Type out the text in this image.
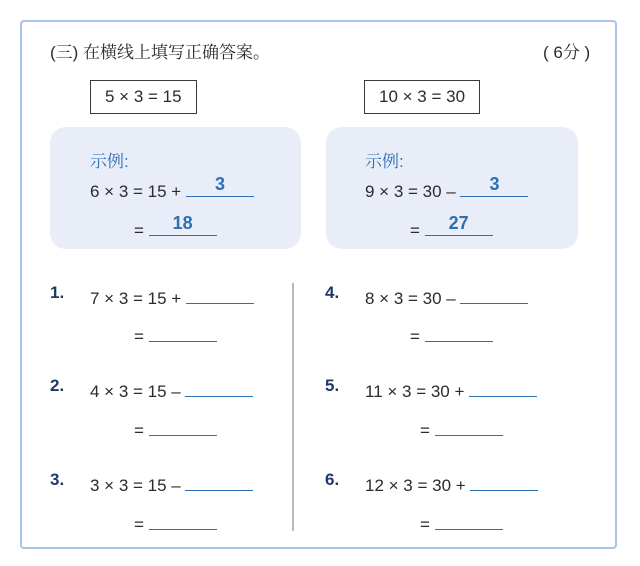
(三) 在横线上填写正确答案。	( 6分 )
5 × 3 = 15	10 × 3 = 30
示例:
6 × 3 = 15 +	3
=	18
示例:
9 × 3 = 30 –	3
=	27
1. 7 × 3 = 15 +
=
2. 4 × 3 = 15 –
=
3. 3 × 3 = 15 –
=
4. 8 × 3 = 30 –
=
5. 11 × 3 = 30 +
=
6. 12 × 3 = 30 +
=
